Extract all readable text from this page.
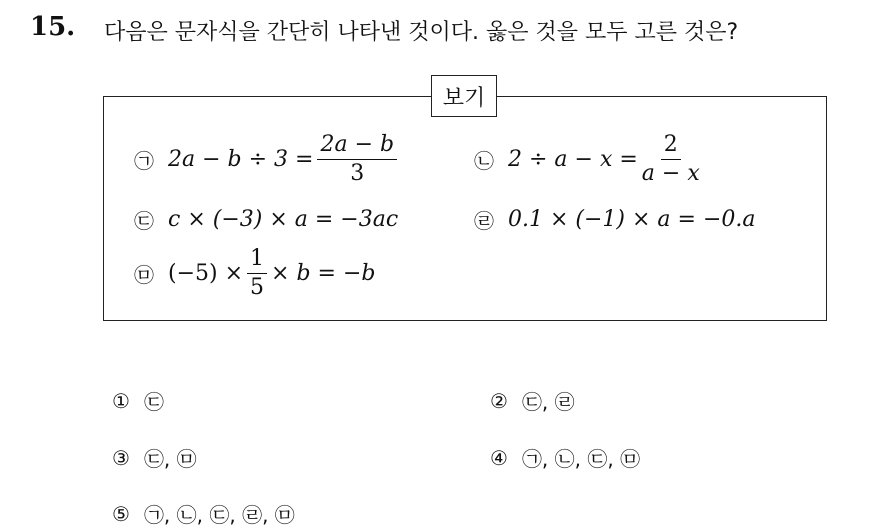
15. 다음은 문자식을 간단히 나타낸 것이다. 옳은 것을 모두 고른 것은?
보기
㉠ $2a - b \div 3 = \frac{2a - b}{3}$	㉡ $2 \div a - x = \frac{2}{a - x}$
㉢ c × (−3) × a = −3ac	㉣ 0.1 × (−1) × a = −0.a
㉤ $(-5) \times \frac{1}{5} \times b = -b$
① ㉢	② ㉢, ㉣
③ ㉢, ㉤	④ ㉠, ㉡, ㉢, ㉤
⑤ ㉠, ㉡, ㉢, ㉣, ㉤
